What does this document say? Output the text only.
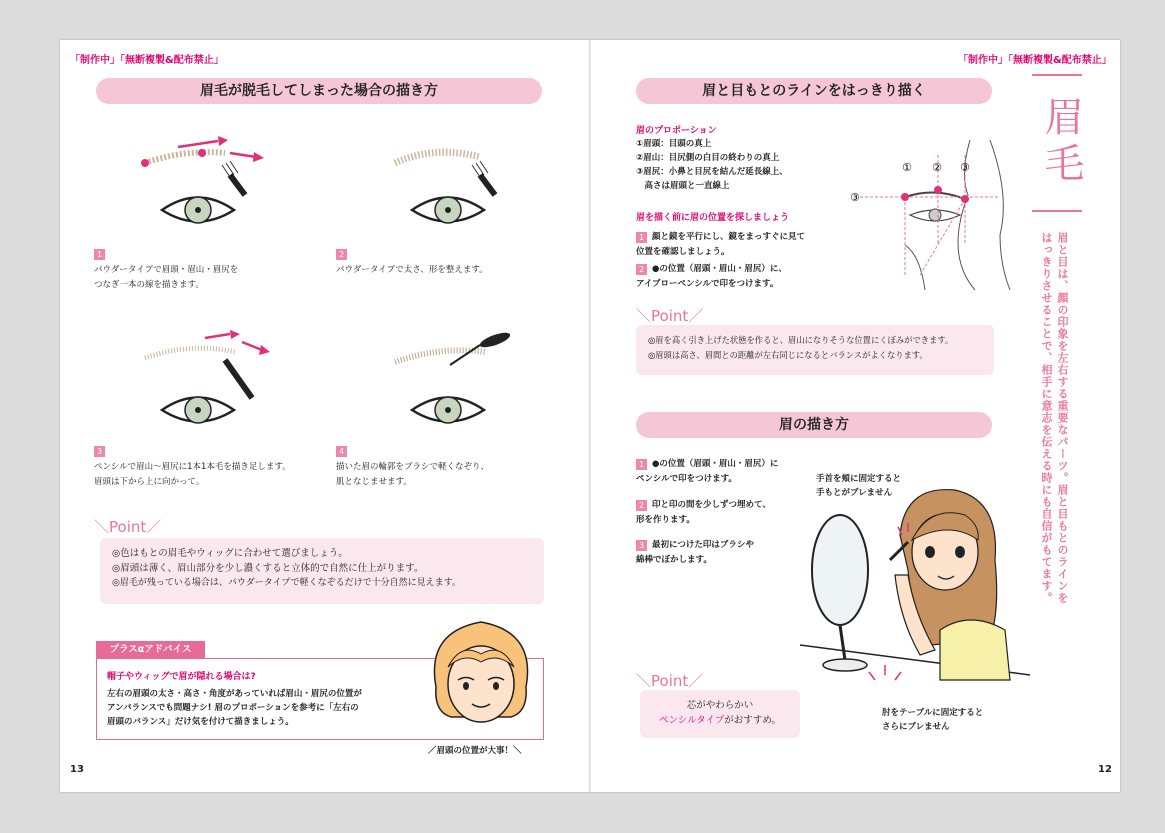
「制作中」「無断複製&配布禁止」
眉毛が脱毛してしまった場合の描き方
1
パウダータイプで眉頭・眉山・眉尻を
つなぎ一本の線を描きます。
2
パウダータイプで太さ、形を整えます。
3
ペンシルで眉山〜眉尻に1本1本毛を描き足します。
眉頭は下から上に向かって。
4
描いた眉の輪郭をブラシで軽くなぞり、
肌となじませます。
＼Point／
◎色はもとの眉毛やウィッグに合わせて選びましょう。
◎眉頭は薄く、眉山部分を少し濃くすると立体的で自然に仕上がります。
◎眉毛が残っている場合は、パウダータイプで軽くなぞるだけで十分自然に見えます。
プラスαアドバイス
帽子やウィッグで眉が隠れる場合は?
左右の眉頭の太さ・高さ・角度があっていれば眉山・眉尻の位置が
アンバランスでも問題ナシ! 眉のプロポーションを参考に「左右の
眉頭のバランス」だけ気を付けて描きましょう。
／眉頭の位置が大事！＼
13
「制作中」「無断複製&配布禁止」
眉毛
眉と目は、顔の印象を左右する重要なパーツ。眉と目もとのラインを
はっきりさせることで、相手に意志を伝える時にも自信がもてます。
眉と目もとのラインをはっきり描く
眉のプロポーション
①眉頭：目頭の真上
②眉山：目尻側の白目の終わりの真上
③眉尻：小鼻と目尻を結んだ延長線上、
　高さは眉頭と一直線上
眉を描く前に眉の位置を探しましょう
1 顔と鏡を平行にし、鏡をまっすぐに見て
位置を確認しましょう。
2 ●の位置（眉頭・眉山・眉尻）に、
アイブローペンシルで印をつけます。
① ② ③
③
＼Point／
◎眉を高く引き上げた状態を作ると、眉山になりそうな位置にくぼみができます。
◎眉頭は高さ、眉間との距離が左右同じになるとバランスがよくなります。
眉の描き方
1 ●の位置（眉頭・眉山・眉尻）に
ペンシルで印をつけます。
2 印と印の間を少しずつ埋めて、
形を作ります。
3 最初につけた印はブラシや
綿棒でぼかします。
手首を頬に固定すると
手もとがブレません
＼Point／
芯がやわらかい
ペンシルタイプがおすすめ。
肘をテーブルに固定すると
さらにブレません
12
